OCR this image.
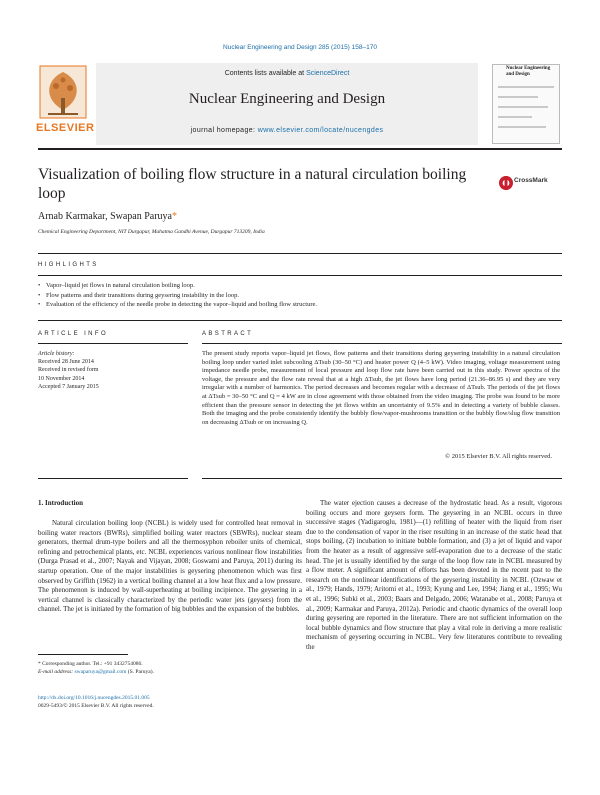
Nuclear Engineering and Design 285 (2015) 158–170
ELSEVIER
Contents lists available at ScienceDirect
Nuclear Engineering and Design
journal homepage: www.elsevier.com/locate/nucengdes
Nuclear Engineering and Design
Visualization of boiling flow structure in a natural circulation boiling loop
CrossMark
Arnab Karmakar, Swapan Paruya*
Chemical Engineering Department, NIT Durgapur, Mahatma Gandhi Avenue, Durgapur 713209, India
HIGHLIGHTS
• Vapor–liquid jet flows in natural circulation boiling loop.
• Flow patterns and their transitions during geysering instability in the loop.
• Evaluation of the efficiency of the needle probe in detecting the vapor–liquid and boiling flow structure.
ARTICLE INFO	ABSTRACT
Article history:
Received 28 June 2014
Received in revised form
10 November 2014
Accepted 7 January 2015

The present study reports vapor–liquid jet flows, flow patterns and their transitions during geysering instability in a natural circulation boiling loop under varied inlet subcooling ΔTsub (30–50 °C) and heater power Q (4–5 kW). Video imaging, voltage measurement using impedance needle probe, measurement of local pressure and loop flow rate have been carried out in this study. Power spectra of the voltage, the pressure and the flow rate reveal that at a high ΔTsub, the jet flows have long period (21.36–86.95 s) and they are very irregular with a number of harmonics. The period decreases and becomes regular with a decrease of ΔTsub. The periods of the jet flows at ΔTsub = 30–50 °C and Q = 4 kW are in close agreement with those obtained from the video imaging. The probe was found to be more efficient than the pressure sensor in detecting the jet flows within an uncertainty of 9.5% and in detecting a variety of bubble classes. Both the imaging and the probe consistently identify the bubbly flow/vapor-mushrooms transition or the bubbly flow/slug flow transition on decreasing ΔTsub or on increasing Q.

© 2015 Elsevier B.V. All rights reserved.
1. Introduction

Natural circulation boiling loop (NCBL) is widely used for controlled heat removal in boiling water reactors (BWRs), simplified boiling water reactors (SBWRs), nuclear steam generators, thermal drum-type boilers and all the thermosyphon reboiler units of chemical, refining and petrochemical plants, etc. NCBL experiences various nonlinear flow instabilities (Durga Prasad et al., 2007; Nayak and Vijayan, 2008; Goswami and Paruya, 2011) during its startup operation. One of the major instabilities is geysering phenomenon which was first observed by Griffith (1962) in a vertical boiling channel at a low heat flux and a low pressure. The phenomenon is induced by wall-superheating at boiling incipience. The geysering in a vertical channel is classically characterized by the periodic water jets (geysers) from the channel. The jet is initiated by the formation of big bubbles and the expansion of the bubbles.

The water ejection causes a decrease of the hydrostatic head. As a result, vigorous boiling occurs and more geysers form. The geysering in an NCBL occurs in three successive stages (Yadigaroglu, 1981)—(1) refilling of heater with the liquid from riser due to the condensation of vapor in the riser resulting in an increase of the static head that stops boiling, (2) incubation to initiate bubble formation, and (3) a jet of liquid and vapor from the heater as a result of aggressive self-evaporation due to a decrease of the static head. The jet is usually identified by the surge of the loop flow rate in NCBL measured by a flow meter. A significant amount of efforts has been devoted in the recent past to the research on the nonlinear identifications of the geysering instability in NCBL (Ozwaw et al., 1979; Hands, 1979; Aritomi et al., 1993; Kyung and Lee, 1994; Jiang et al., 1995; Wu et al., 1996; Subki et al., 2003; Baars and Delgado, 2006; Watanabe et al., 2008; Paruya et al., 2009; Karmakar and Paruya, 2012a). Periodic and chaotic dynamics of the overall loop during geysering are reported in the literature. There are not sufficient information on the local bubble dynamics and flow structure that play a vital role in deriving a more realistic mechanism of geysering occurring in NCBL. Very few literatures contribute to revealing the

* Corresponding author. Tel.: +91 3432754086.
E-mail address: swaparuya@gmail.com (S. Paruya).
http://dx.doi.org/10.1016/j.nucengdes.2015.01.005
0029-5493/© 2015 Elsevier B.V. All rights reserved.
